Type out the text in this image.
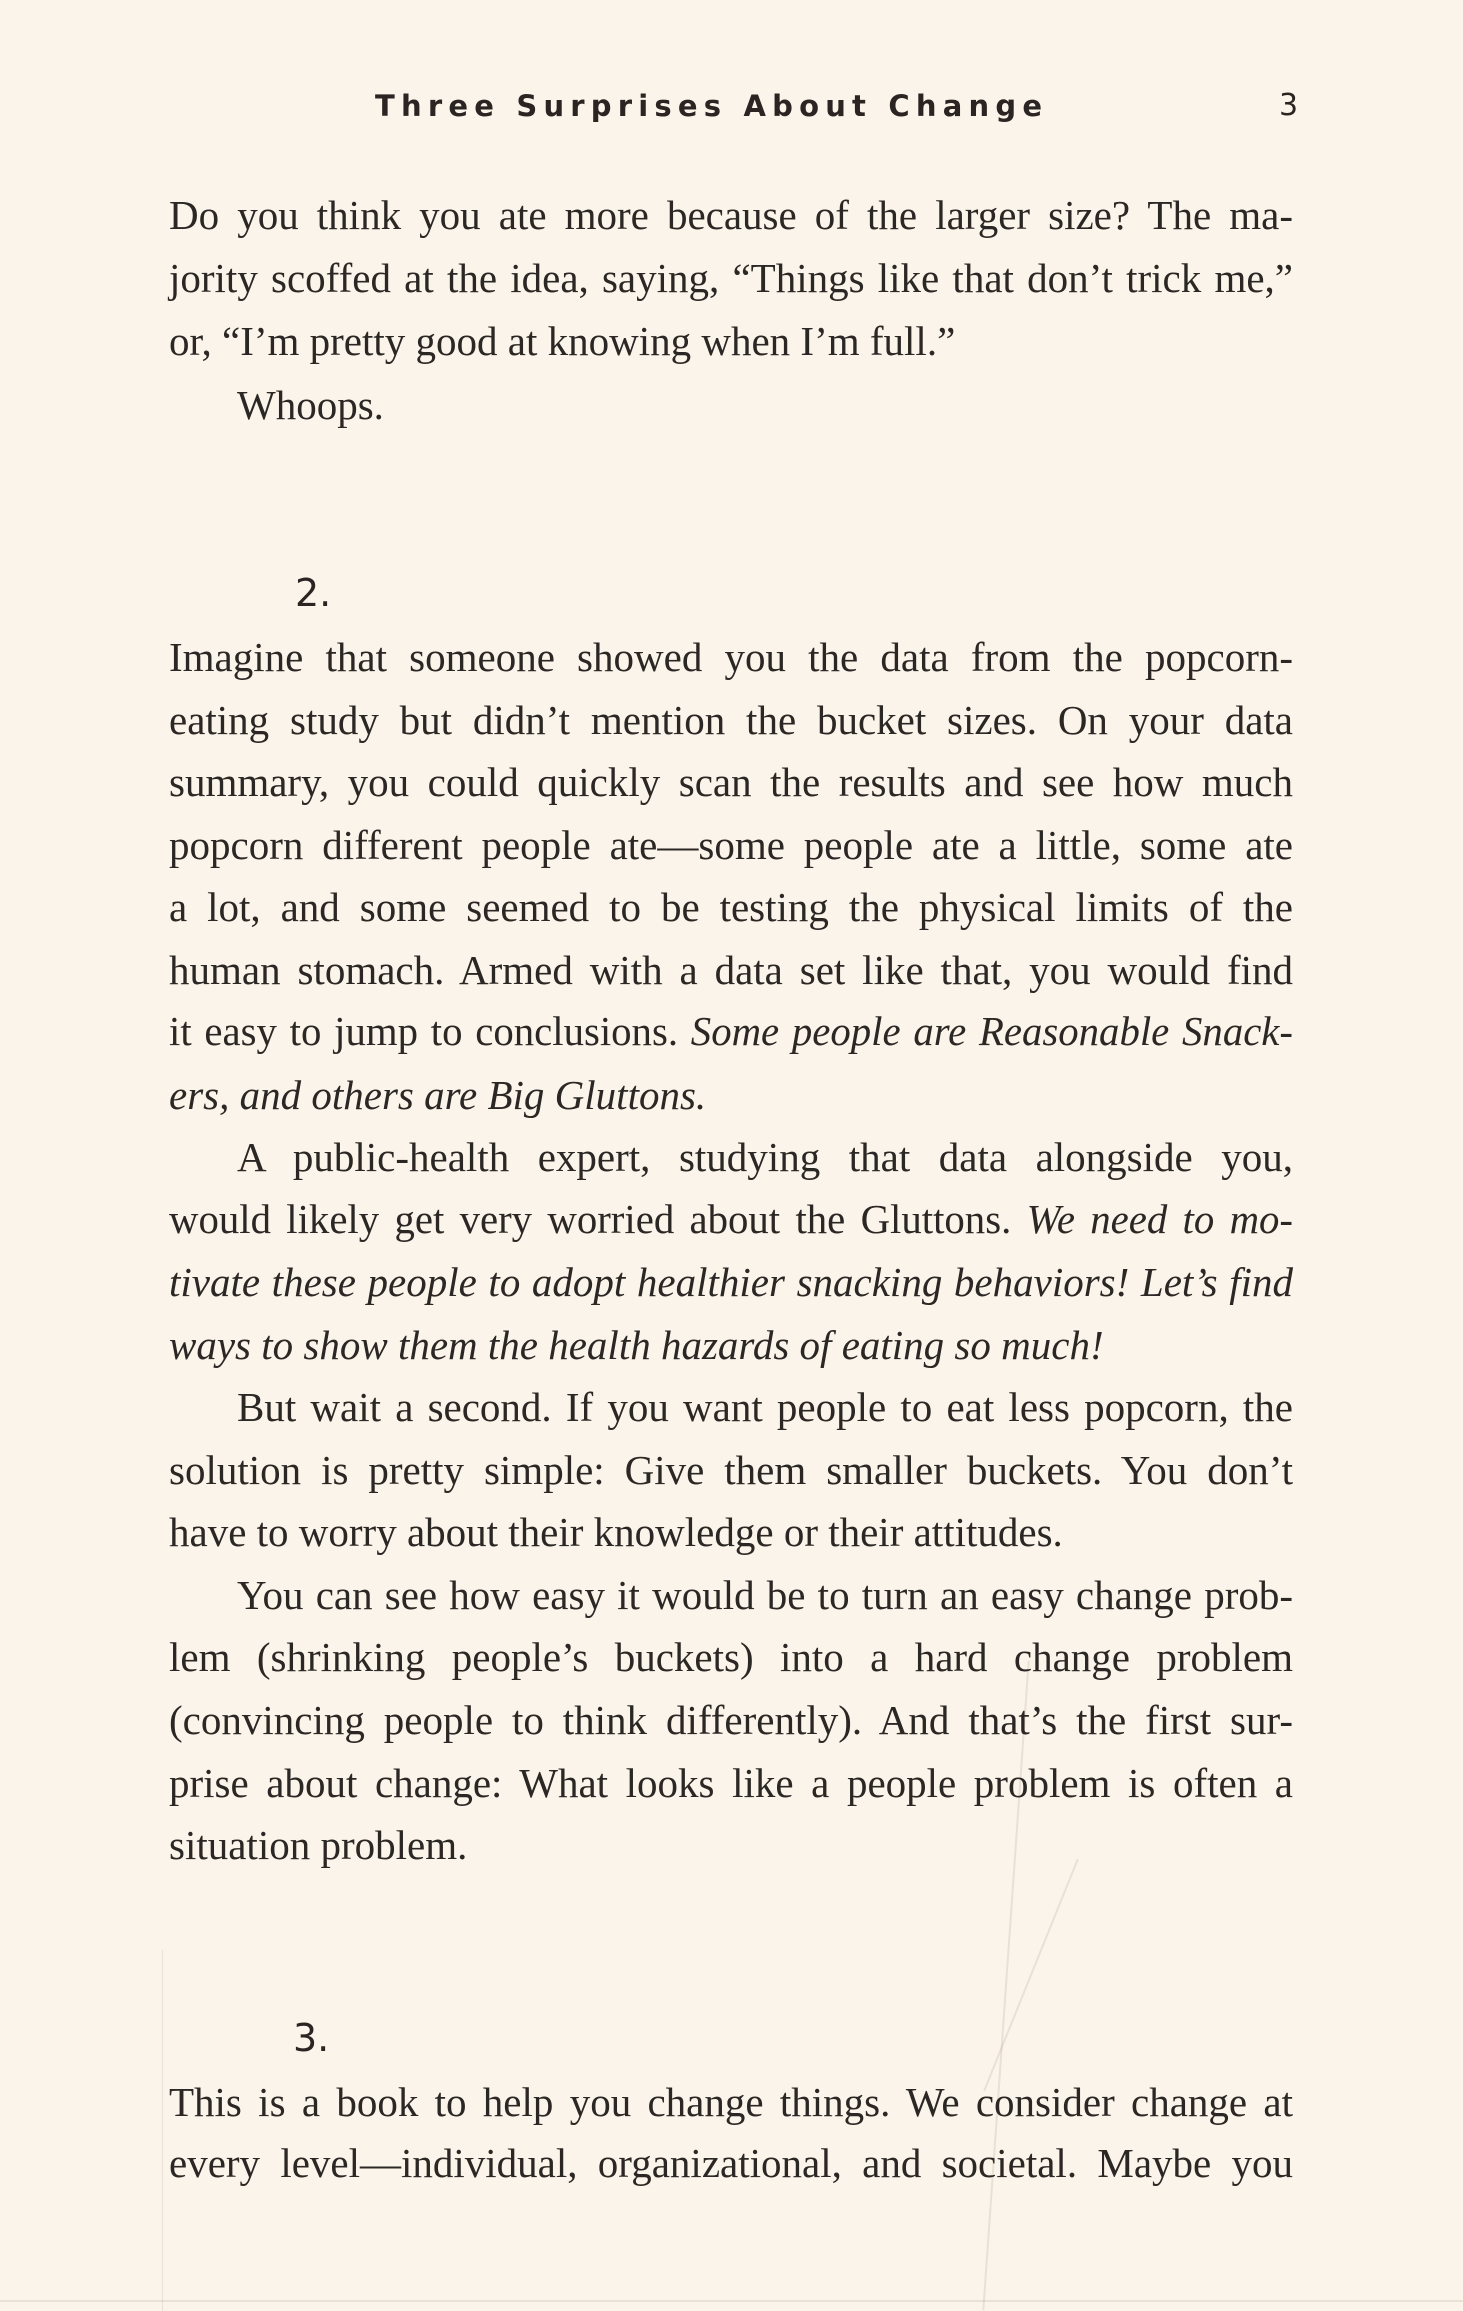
Three Surprises About Change	3
Do you think you ate more because of the larger size? The ma-
jority scoffed at the idea, saying, “Things like that don’t trick me,”
or, “I’m pretty good at knowing when I’m full.”
Whoops.
2.
Imagine that someone showed you the data from the popcorn-
eating study but didn’t mention the bucket sizes. On your data
summary, you could quickly scan the results and see how much
popcorn different people ate—some people ate a little, some ate
a lot, and some seemed to be testing the physical limits of the
human stomach. Armed with a data set like that, you would find
it easy to jump to conclusions. Some people are Reasonable Snack-
ers, and others are Big Gluttons.
A public-health expert, studying that data alongside you,
would likely get very worried about the Gluttons. We need to mo-
tivate these people to adopt healthier snacking behaviors! Let’s find
ways to show them the health hazards of eating so much!
But wait a second. If you want people to eat less popcorn, the
solution is pretty simple: Give them smaller buckets. You don’t
have to worry about their knowledge or their attitudes.
You can see how easy it would be to turn an easy change prob-
lem (shrinking people’s buckets) into a hard change problem
(convincing people to think differently). And that’s the first sur-
prise about change: What looks like a people problem is often a
situation problem.
3.
This is a book to help you change things. We consider change at
every level—individual, organizational, and societal. Maybe you
